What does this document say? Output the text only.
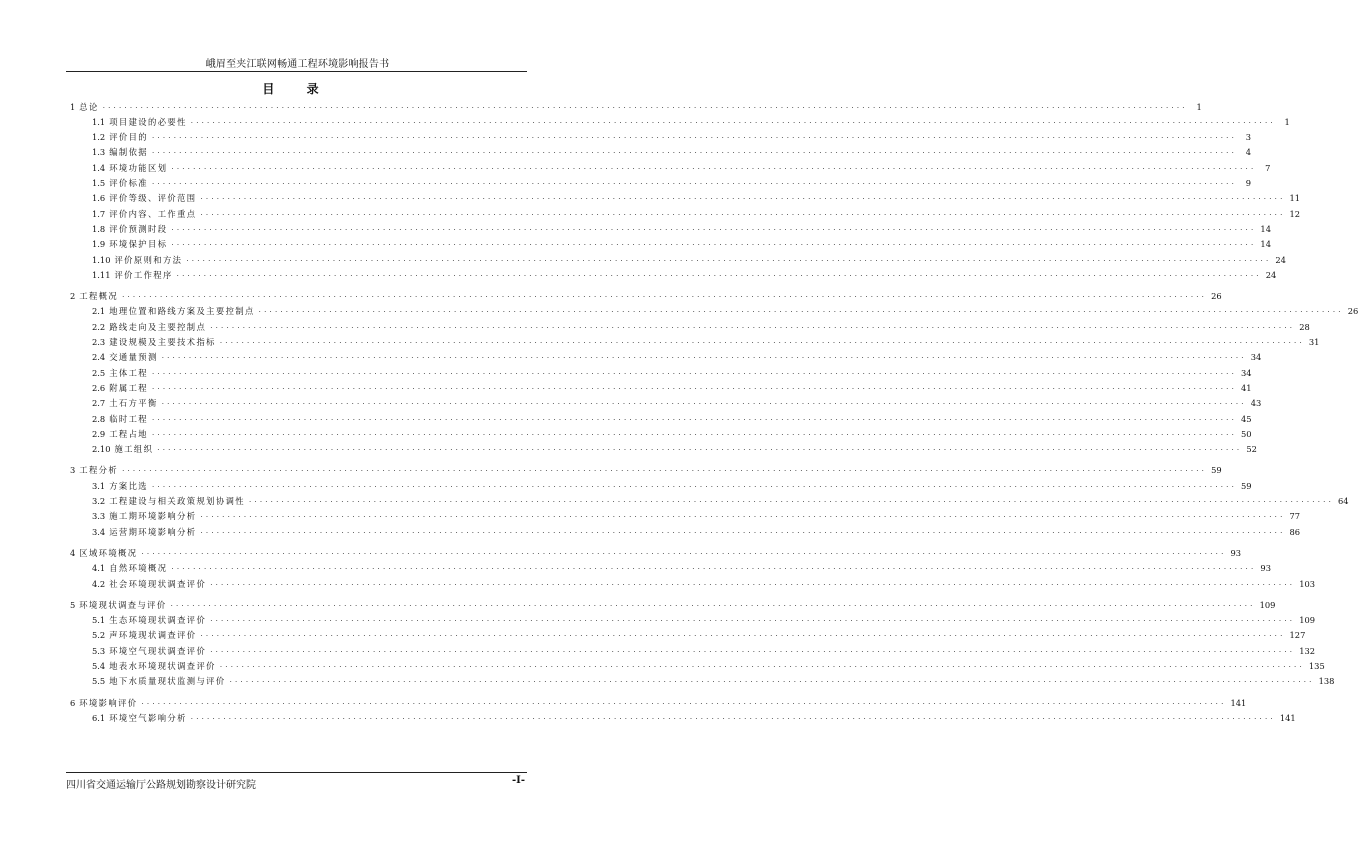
峨眉至夹江联网畅通工程环境影响报告书
目 录
1 总论 ········································································································································································································	1
1.1 项目建设的必要性 ········································································································································································································	1
1.2 评价目的 ········································································································································································································	3
1.3 编制依据 ········································································································································································································	4
1.4 环境功能区划 ········································································································································································································	7
1.5 评价标准 ········································································································································································································	9
1.6 评价等级、评价范围 ········································································································································································································ 11
1.7 评价内容、工作重点 ········································································································································································································ 12
1.8 评价预测时段 ········································································································································································································ 14
1.9 环境保护目标 ········································································································································································································ 14
1.10 评价原则和方法 ········································································································································································································ 24
1.11 评价工作程序 ········································································································································································································ 24
2 工程概况 ········································································································································································································ 26
2.1 地理位置和路线方案及主要控制点 ········································································································································································································ 26
2.2 路线走向及主要控制点 ········································································································································································································ 28
2.3 建设规模及主要技术指标 ········································································································································································································ 31
2.4 交通量预测 ········································································································································································································ 34
2.5 主体工程 ········································································································································································································ 34
2.6 附属工程 ········································································································································································································ 41
2.7 土石方平衡 ········································································································································································································ 43
2.8 临时工程 ········································································································································································································ 45
2.9 工程占地 ········································································································································································································ 50
2.10 施工组织 ········································································································································································································ 52
3 工程分析 ········································································································································································································ 59
3.1 方案比选 ········································································································································································································ 59
3.2 工程建设与相关政策规划协调性 ········································································································································································································ 64
3.3 施工期环境影响分析 ········································································································································································································ 77
3.4 运营期环境影响分析 ········································································································································································································ 86
4 区域环境概况 ········································································································································································································ 93
4.1 自然环境概况 ········································································································································································································ 93
4.2 社会环境现状调查评价 ········································································································································································································ 103
5 环境现状调查与评价 ········································································································································································································ 109
5.1 生态环境现状调查评价 ········································································································································································································ 109
5.2 声环境现状调查评价 ········································································································································································································ 127
5.3 环境空气现状调查评价 ········································································································································································································ 132
5.4 地表水环境现状调查评价 ········································································································································································································ 135
5.5 地下水质量现状监测与评价 ········································································································································································································ 138
6 环境影响评价 ········································································································································································································ 141
6.1 环境空气影响分析 ········································································································································································································ 141
四川省交通运输厅公路规划勘察设计研究院	-I-
